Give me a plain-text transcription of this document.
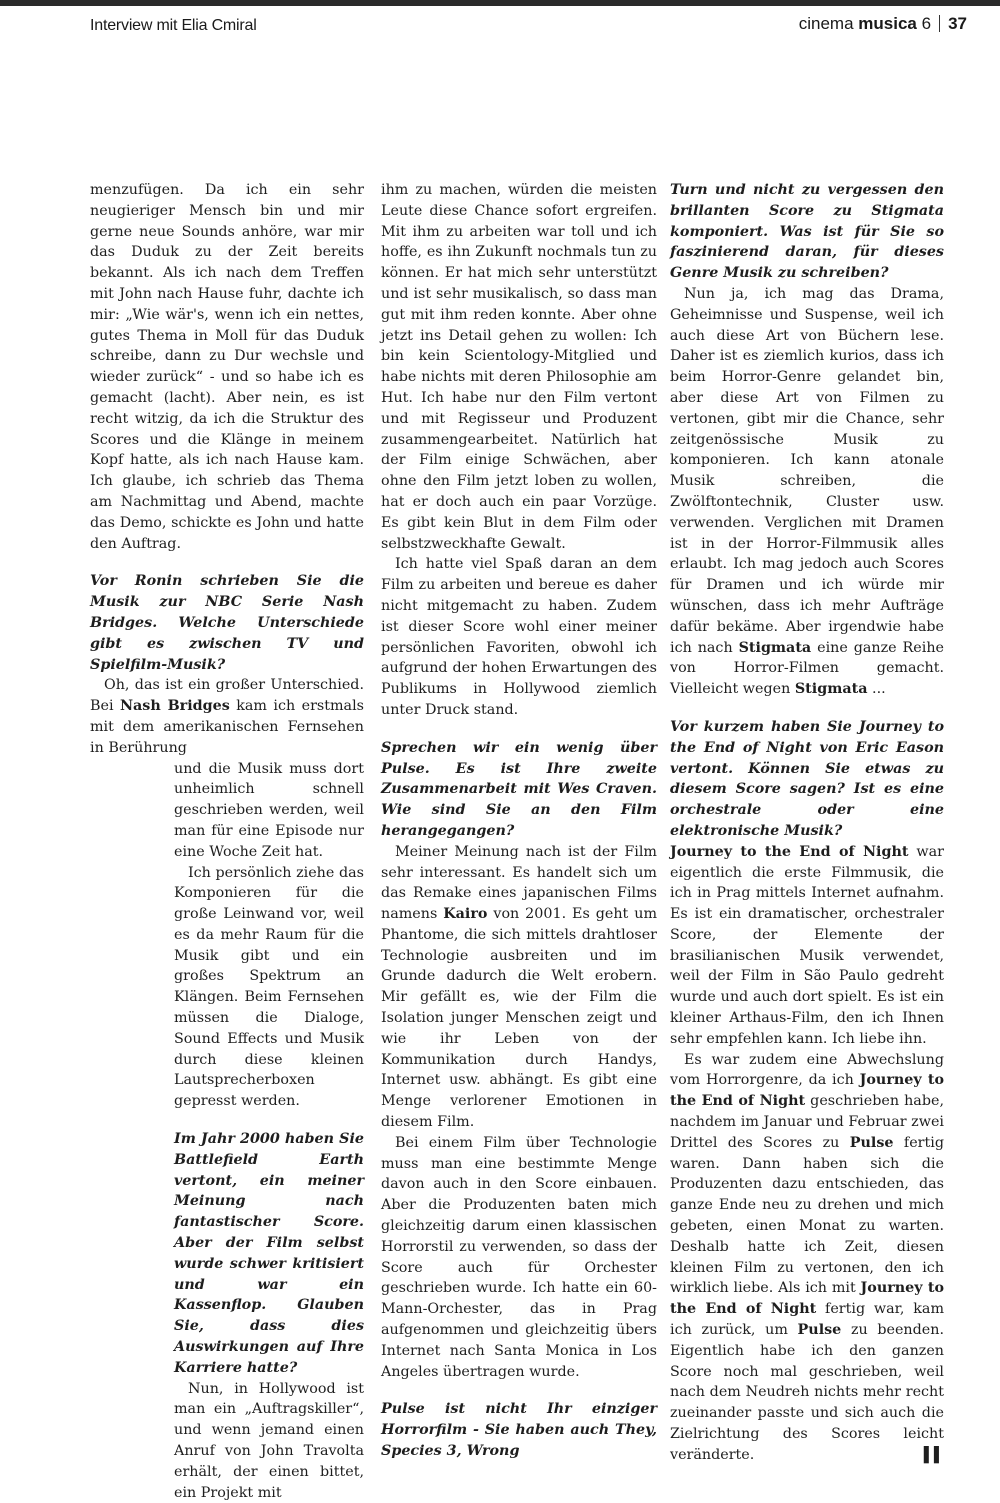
Interview mit Elia Cmiral	cinema musica 6 37

menzufügen. Da ich ein sehr neugieriger Mensch bin und mir gerne neue Sounds anhöre, war mir das Duduk zu der Zeit bereits bekannt. Als ich nach dem Treffen mit John nach Hause fuhr, dachte ich mir: „Wie wär's, wenn ich ein nettes, gutes Thema in Moll für das Duduk schreibe, dann zu Dur wechsle und wieder zurück“ - und so habe ich es gemacht (lacht). Aber nein, es ist recht witzig, da ich die Struktur des Scores und die Klänge in meinem Kopf hatte, als ich nach Hause kam. Ich glaube, ich schrieb das Thema am Nachmittag und Abend, machte das Demo, schickte es John und hatte den Auftrag.

Vor Ronin schrieben Sie die Musik zur NBC Serie Nash Bridges. Welche Unterschiede gibt es zwischen TV und Spielfilm-Musik?

Oh, das ist ein großer Unterschied. Bei Nash Bridges kam ich erstmals mit dem amerikanischen Fernsehen in Berührung

und die Musik muss dort unheimlich schnell geschrieben werden, weil man für eine Episode nur eine Woche Zeit hat.

Ich persönlich ziehe das Komponieren für die große Leinwand vor, weil es da mehr Raum für die Musik gibt und ein großes Spektrum an Klängen. Beim Fernsehen müssen die Dialoge, Sound Effects und Musik durch diese kleinen Lautsprecherboxen gepresst werden.

Im Jahr 2000 haben Sie Battlefield Earth vertont, ein meiner Meinung nach fantastischer Score. Aber der Film selbst wurde schwer kritisiert und war ein Kassenflop. Glauben Sie, dass dies Auswirkungen auf Ihre Karriere hatte?

Nun, in Hollywood ist man ein „Auftragskiller“, und wenn jemand einen Anruf von John Travolta erhält, der einen bittet, ein Projekt mit

ihm zu machen, würden die meisten Leute diese Chance sofort ergreifen. Mit ihm zu arbeiten war toll und ich hoffe, es ihn Zukunft nochmals tun zu können. Er hat mich sehr unterstützt und ist sehr musikalisch, so dass man gut mit ihm reden konnte. Aber ohne jetzt ins Detail gehen zu wollen: Ich bin kein Scientology-Mitglied und habe nichts mit deren Philosophie am Hut. Ich habe nur den Film vertont und mit Regisseur und Produzent zusammengearbeitet. Natürlich hat der Film einige Schwächen, aber ohne den Film jetzt loben zu wollen, hat er doch auch ein paar Vorzüge. Es gibt kein Blut in dem Film oder selbstzweckhafte Gewalt.

Ich hatte viel Spaß daran an dem Film zu arbeiten und bereue es daher nicht mitgemacht zu haben. Zudem ist dieser Score wohl einer meiner persönlichen Favoriten, obwohl ich aufgrund der hohen Erwartungen des Publikums in Hollywood ziemlich unter Druck stand.

Sprechen wir ein wenig über Pulse. Es ist Ihre zweite Zusammenarbeit mit Wes Craven. Wie sind Sie an den Film herangegangen?

Meiner Meinung nach ist der Film sehr interessant. Es handelt sich um das Remake eines japanischen Films namens Kairo von 2001. Es geht um Phantome, die sich mittels drahtloser Technologie ausbreiten und im Grunde dadurch die Welt erobern. Mir gefällt es, wie der Film die Isolation junger Menschen zeigt und wie ihr Leben von der Kommunikation durch Handys, Internet usw. abhängt. Es gibt eine Menge verlorener Emotionen in diesem Film.

Bei einem Film über Technologie muss man eine bestimmte Menge davon auch in den Score einbauen. Aber die Produzenten baten mich gleichzeitig darum einen klassischen Horrorstil zu verwenden, so dass der Score auch für Orchester geschrieben wurde. Ich hatte ein 60-Mann-Orchester, das in Prag aufgenommen und gleichzeitig übers Internet nach Santa Monica in Los Angeles übertragen wurde.

Pulse ist nicht Ihr einziger Horrorfilm - Sie haben auch They, Species 3, Wrong

Turn und nicht zu vergessen den brillanten Score zu Stigmata komponiert. Was ist für Sie so faszinierend daran, für dieses Genre Musik zu schreiben?

Nun ja, ich mag das Drama, Geheimnisse und Suspense, weil ich auch diese Art von Büchern lese. Daher ist es ziemlich kurios, dass ich beim Horror-Genre gelandet bin, aber diese Art von Filmen zu vertonen, gibt mir die Chance, sehr zeitgenössische Musik zu komponieren. Ich kann atonale Musik schreiben, die Zwölftontechnik, Cluster usw. verwenden. Verglichen mit Dramen ist in der Horror-Filmmusik alles erlaubt. Ich mag jedoch auch Scores für Dramen und ich würde mir wünschen, dass ich mehr Aufträge dafür bekäme. Aber irgendwie habe ich nach Stigmata eine ganze Reihe von Horror-Filmen gemacht. Vielleicht wegen Stigmata ...

Vor kurzem haben Sie Journey to the End of Night von Eric Eason vertont. Können Sie etwas zu diesem Score sagen? Ist es eine orchestrale oder eine elektronische Musik?

Journey to the End of Night war eigentlich die erste Filmmusik, die ich in Prag mittels Internet aufnahm. Es ist ein dramatischer, orchestraler Score, der Elemente der brasilianischen Musik verwendet, weil der Film in São Paulo gedreht wurde und auch dort spielt. Es ist ein kleiner Arthaus-Film, den ich Ihnen sehr empfehlen kann. Ich liebe ihn.

Es war zudem eine Abwechslung vom Horrorgenre, da ich Journey to the End of Night geschrieben habe, nachdem im Januar und Februar zwei Drittel des Scores zu Pulse fertig waren. Dann haben sich die Produzenten dazu entschieden, das ganze Ende neu zu drehen und mich gebeten, einen Monat zu warten. Deshalb hatte ich Zeit, diesen kleinen Film zu vertonen, den ich wirklich liebe. Als ich mit Journey to the End of Night fertig war, kam ich zurück, um Pulse zu beenden. Eigentlich habe ich den ganzen Score noch mal geschrieben, weil nach dem Neudreh nichts mehr recht zueinander passte und sich auch die Zielrichtung des Scores leicht veränderte.	▌▌
